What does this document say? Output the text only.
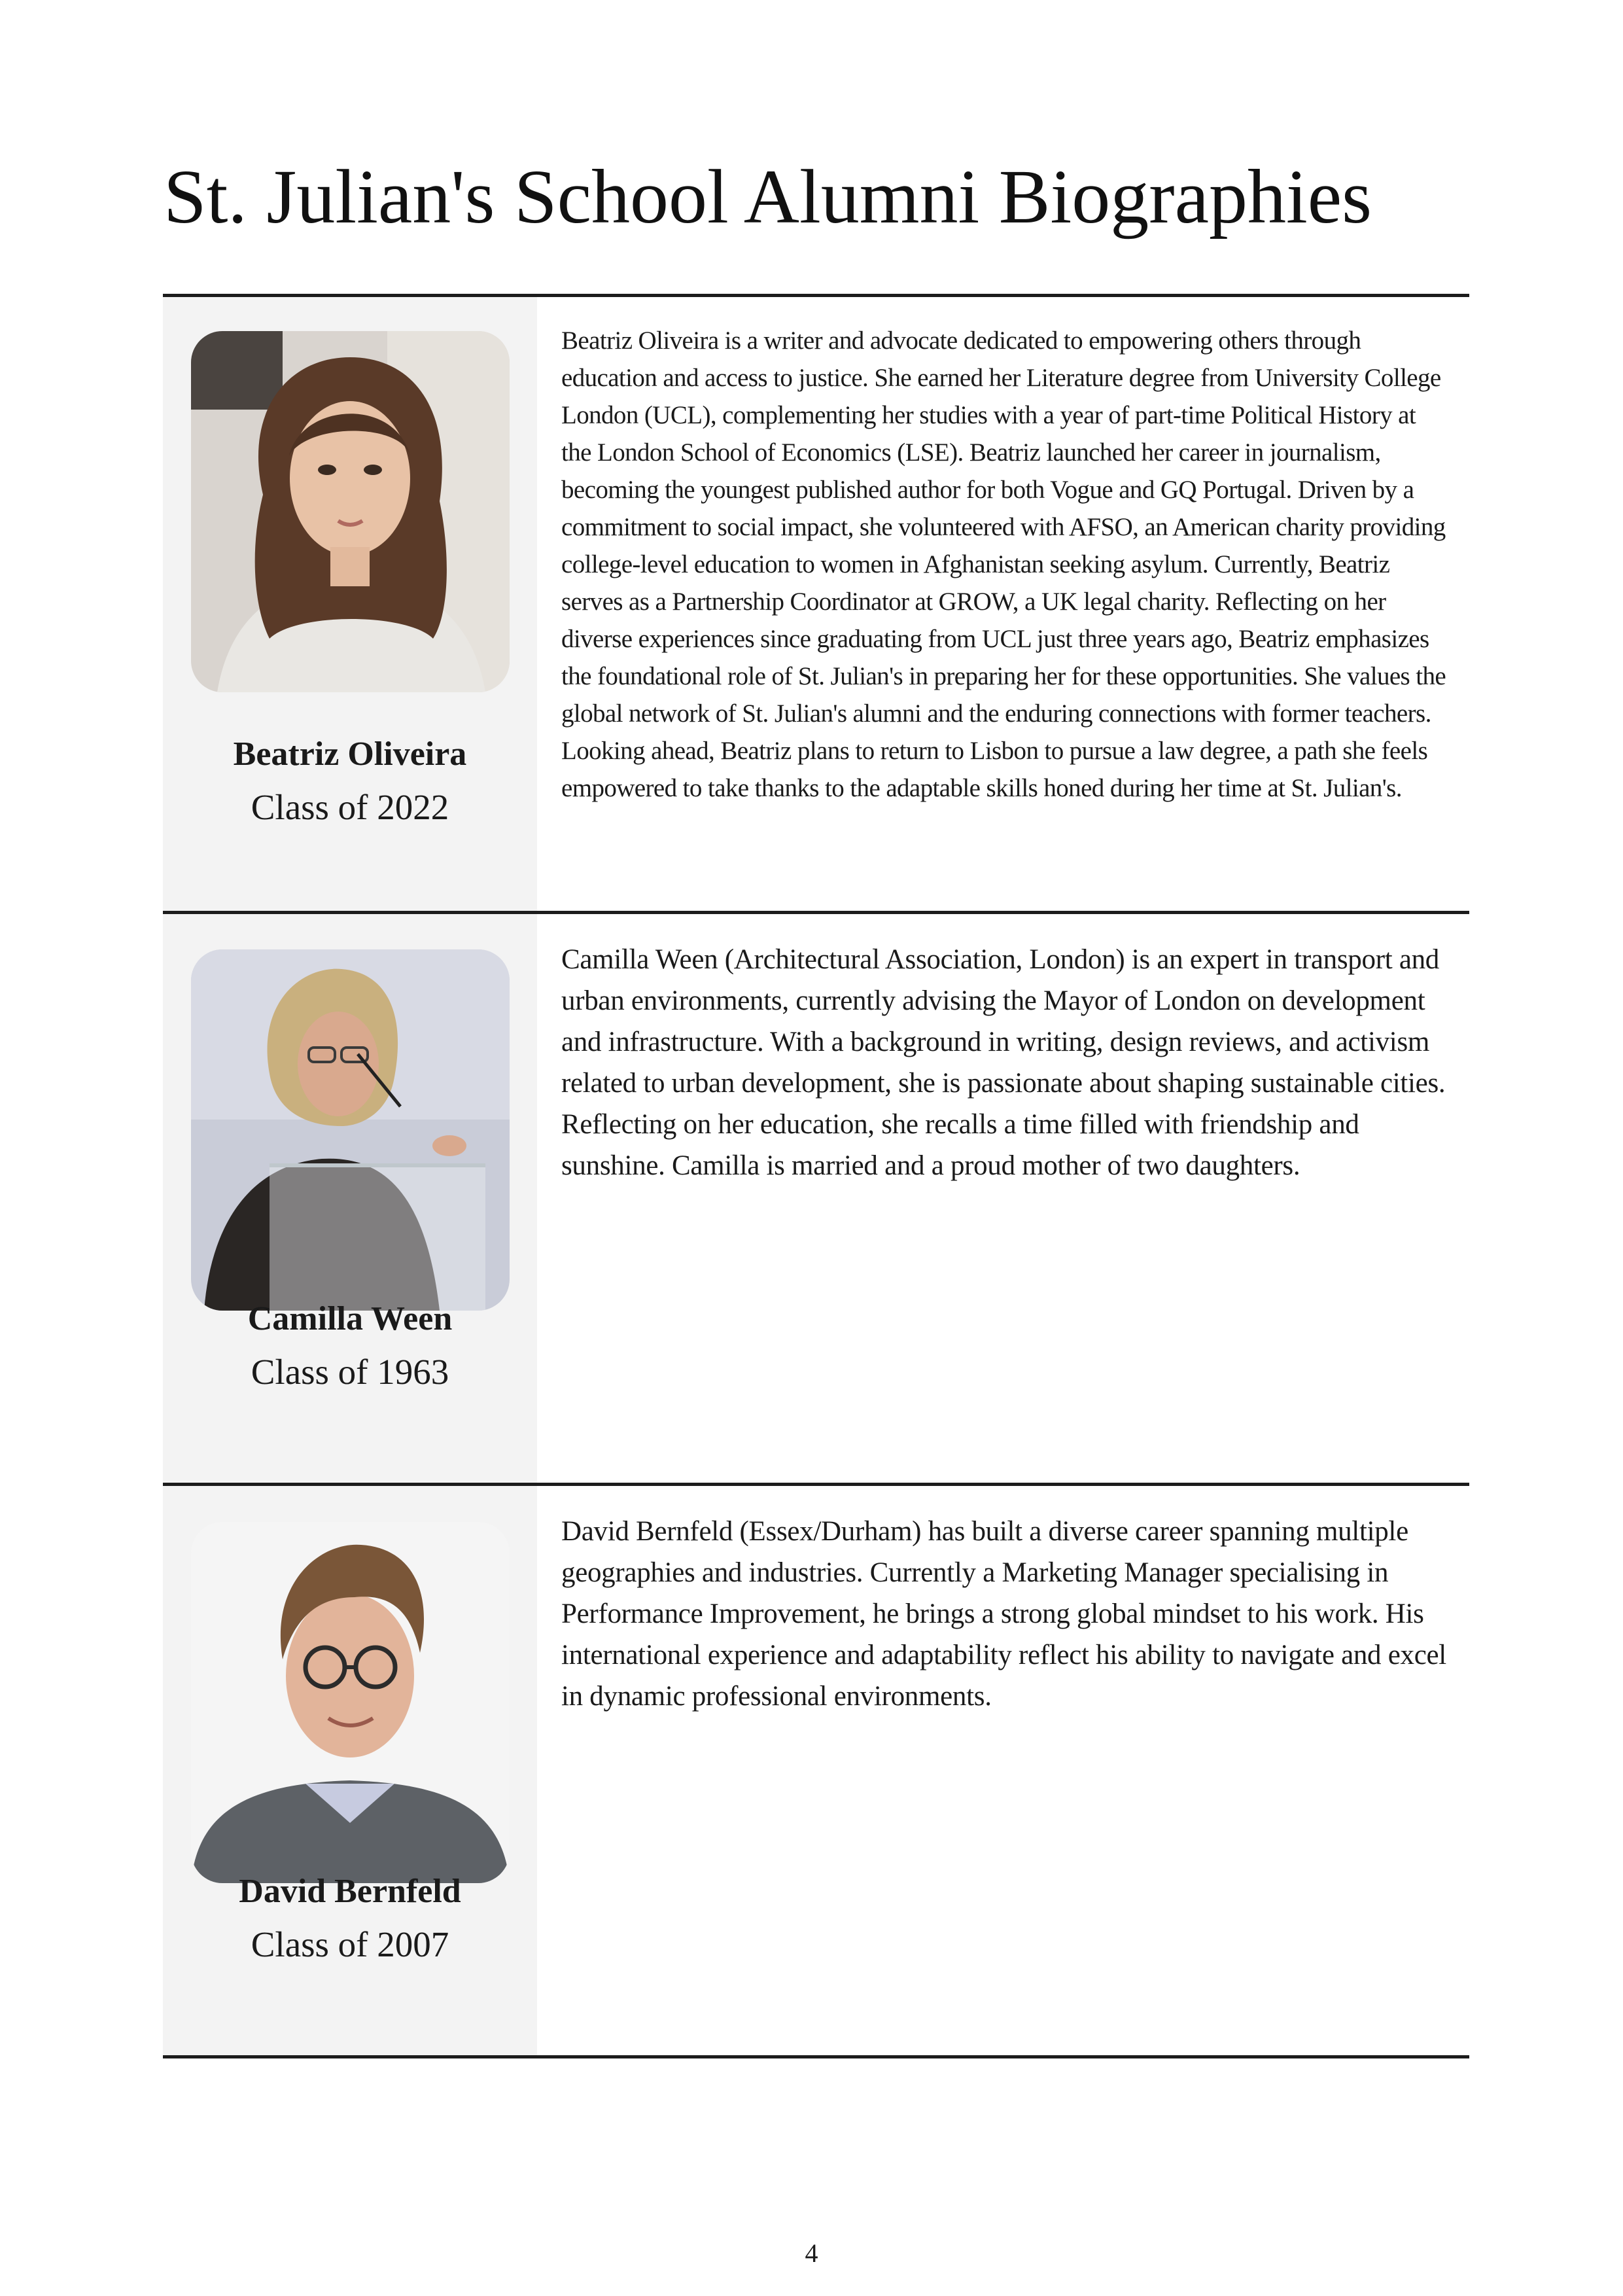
St. Julian's School Alumni Biographies
Beatriz Oliveira
Class of 2022

Beatriz Oliveira is a writer and advocate dedicated to empowering others through education and access to justice. She earned her Literature degree from University College London (UCL), complementing her studies with a year of part-time Political History at the London School of Economics (LSE). Beatriz launched her career in journalism, becoming the youngest published author for both Vogue and GQ Portugal. Driven by a commitment to social impact, she volunteered with AFSO, an American charity providing college-level education to women in Afghanistan seeking asylum. Currently, Beatriz serves as a Partnership Coordinator at GROW, a UK legal charity. Reflecting on her diverse experiences since graduating from UCL just three years ago, Beatriz emphasizes the foundational role of St. Julian's in preparing her for these opportunities. She values the global network of St. Julian's alumni and the enduring connections with former teachers. Looking ahead, Beatriz plans to return to Lisbon to pursue a law degree, a path she feels empowered to take thanks to the adaptable skills honed during her time at St. Julian's.

Camilla Ween
Class of 1963

Camilla Ween (Architectural Association, London) is an expert in transport and urban environments, currently advising the Mayor of London on development and infrastructure. With a background in writing, design reviews, and activism related to urban development, she is passionate about shaping sustainable cities. Reflecting on her education, she recalls a time filled with friendship and sunshine. Camilla is married and a proud mother of two daughters.

David Bernfeld
Class of 2007

David Bernfeld (Essex/Durham) has built a diverse career spanning multiple geographies and industries. Currently a Marketing Manager specialising in Performance Improvement, he brings a strong global mindset to his work. His international experience and adaptability reflect his ability to navigate and excel in dynamic professional environments.

4
